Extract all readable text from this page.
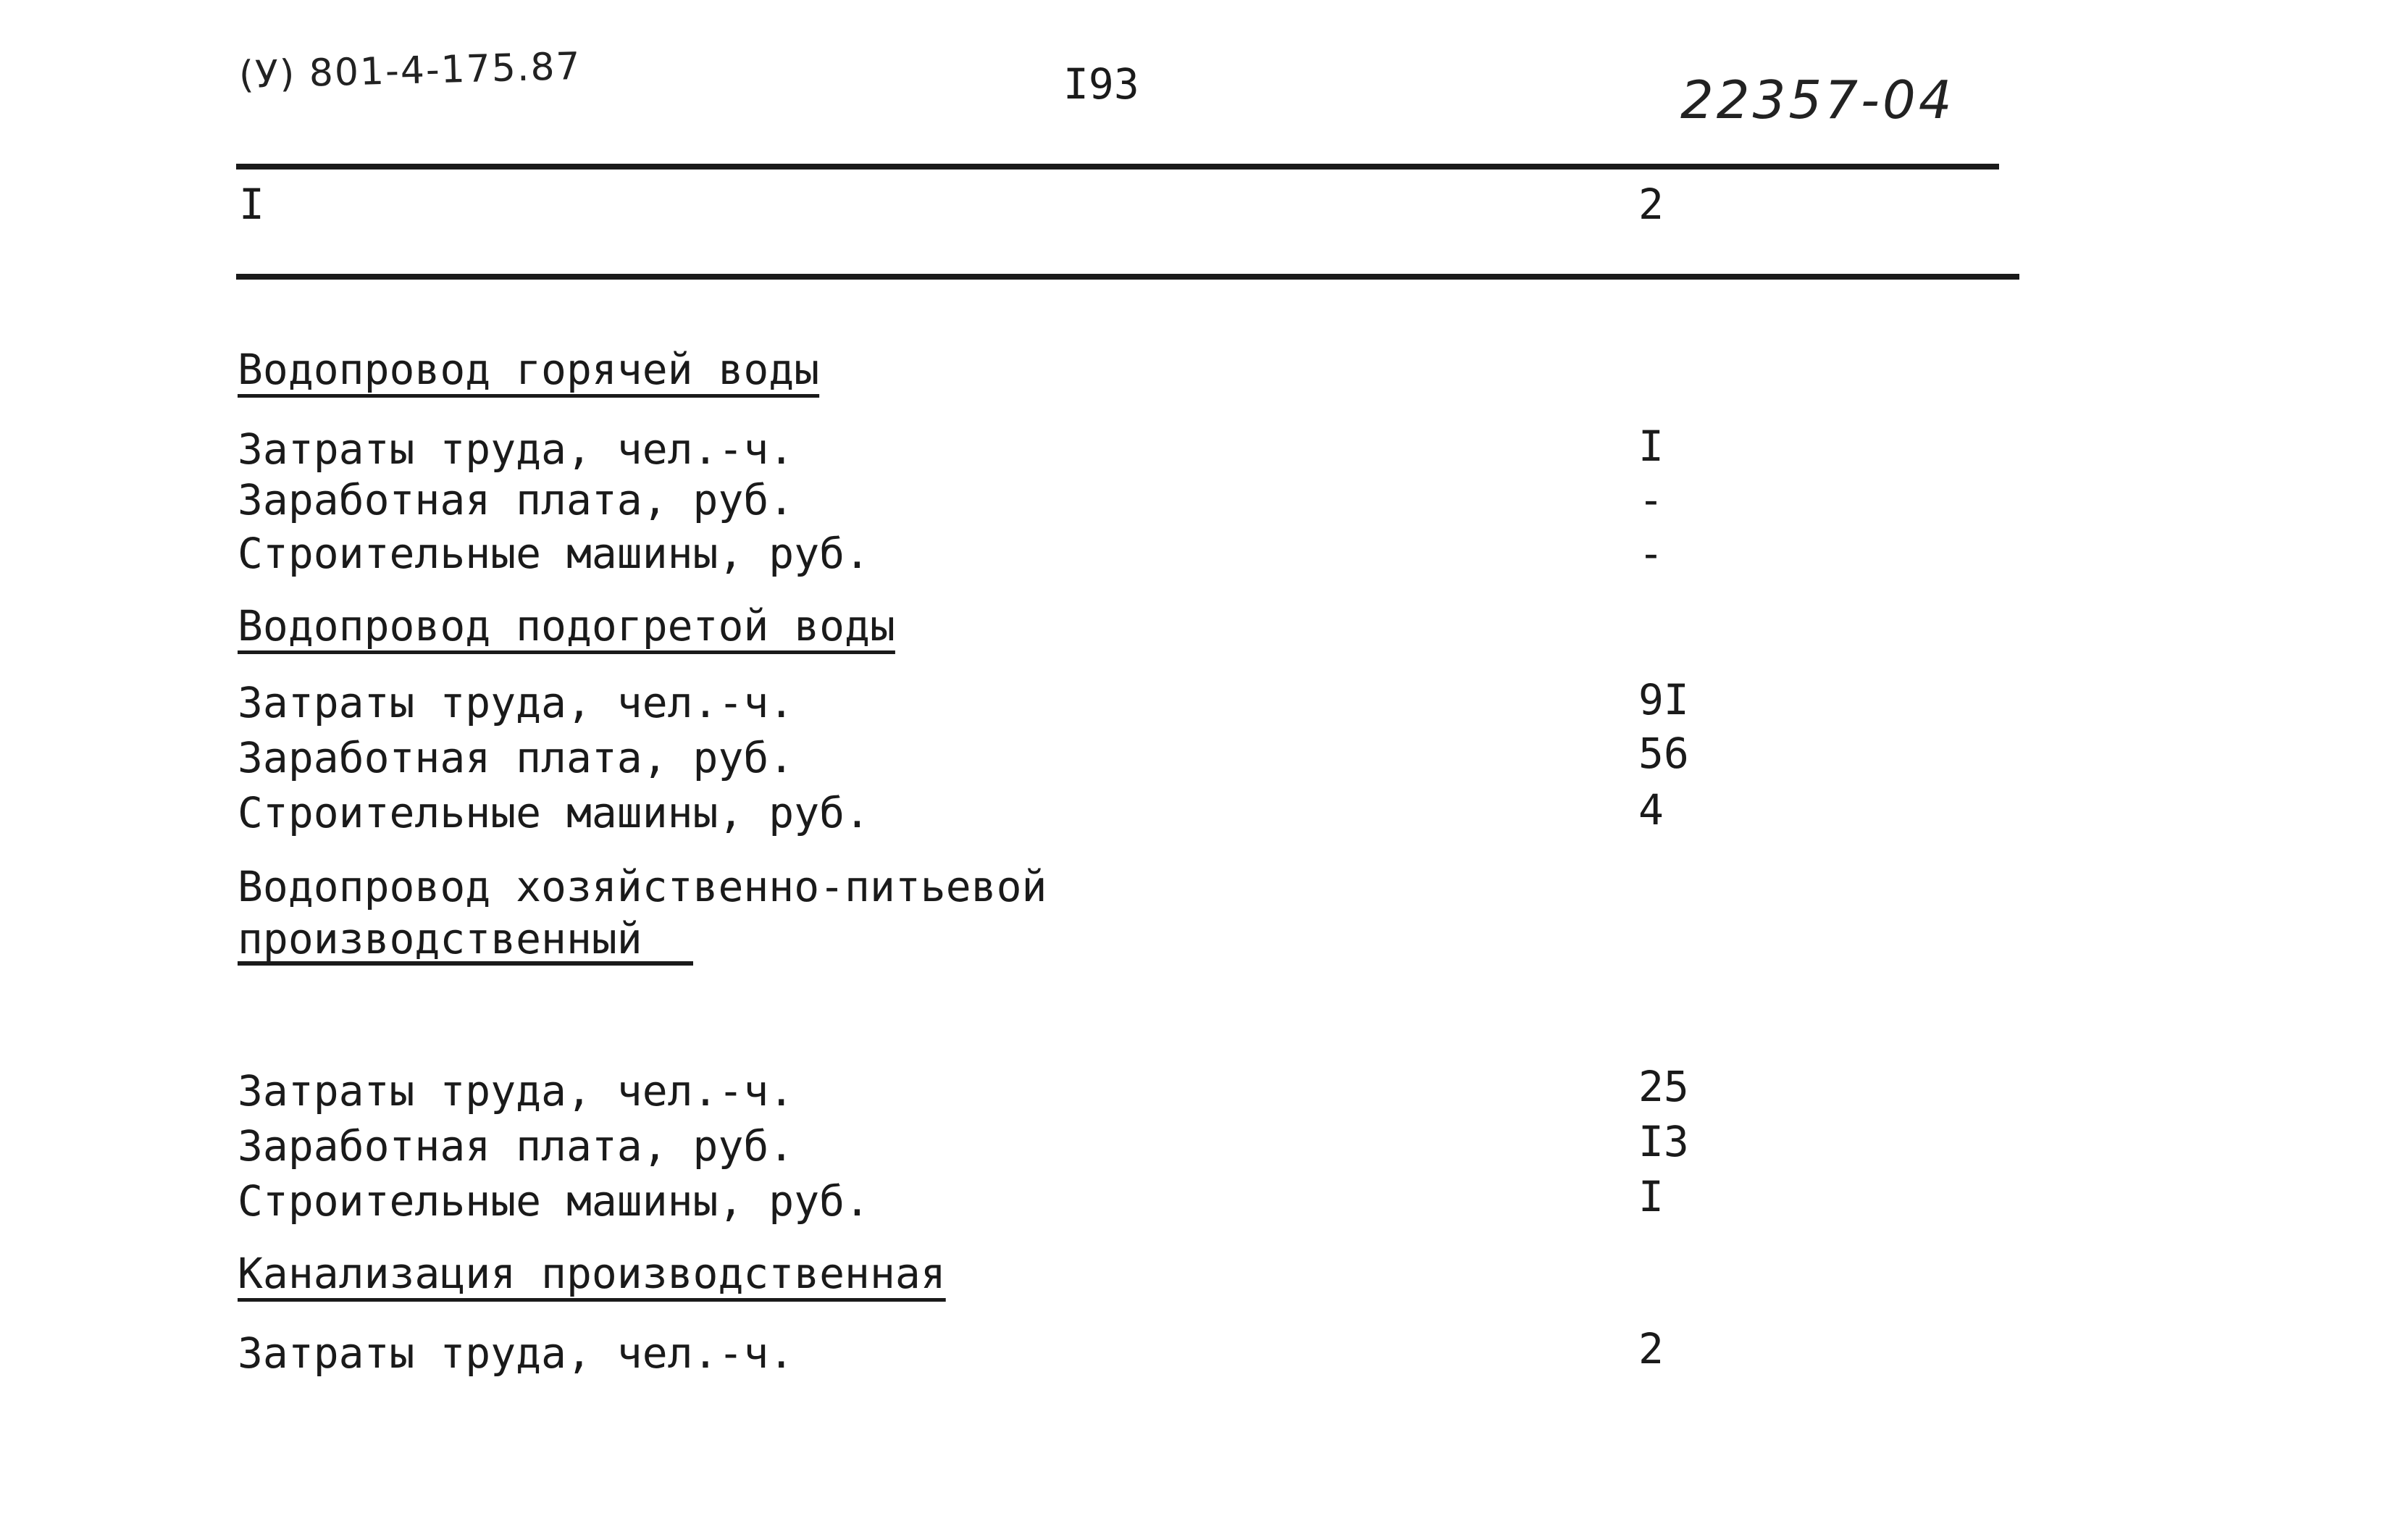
(У) 801-4-175.87	I93	22357-04
I	2
Водопровод горячей воды
Затраты труда, чел.-ч.	I
Заработная плата, руб.	-
Строительные машины, руб.	-
Водопровод подогретой воды
Затраты труда, чел.-ч.	9I
Заработная плата, руб.	56
Строительные машины, руб.	4
Водопровод хозяйственно-питьевой
производственный
Затраты труда, чел.-ч.	25
Заработная плата, руб.	I3
Строительные машины, руб.	I
Канализация производственная
Затраты труда, чел.-ч.	2
